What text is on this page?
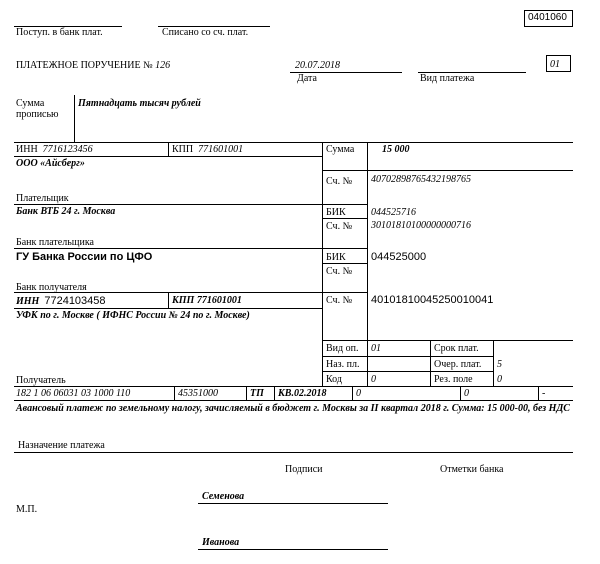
0401060
Поступ. в банк плат.	Списано со сч. плат.
ПЛАТЕЖНОЕ ПОРУЧЕНИЕ № 126	20.07.2018
Дата	Вид платежа
01
Сумма
прописью
Пятнадцать тысяч рублей
ИНН 7716123456	КПП 771601001	Сумма	15 000
ООО «Айсберг»
Сч. № 40702898765432198765
Плательщик
Банк ВТБ 24 г. Москва	БИК	044525716
Сч. № 30101810100000000716
Банк плательщика
ГУ Банка России по ЦФО	БИК 044525000
Сч. №
Банк получателя
ИНН 7724103458	КПП 771601001	Сч. № 40101810045250010041
УФК по г. Москве ( ИФНС России № 24 по г. Москве)
Вид оп. 01	Срок плат.
Наз. пл.	Очер. плат. 5
Код	0	Рез. поле 0
Получатель
182 1 06 06031 03 1000 110	45351000	ТП КВ.02.2018	0	0	-
Авансовый платеж по земельному налогу, зачисляемый в бюджет г. Москвы за II квартал 2018 г. Сумма: 15 000-00, без НДС
Назначение платежа
Подписи	Отметки банка
Семенова
М.П.
Иванова
